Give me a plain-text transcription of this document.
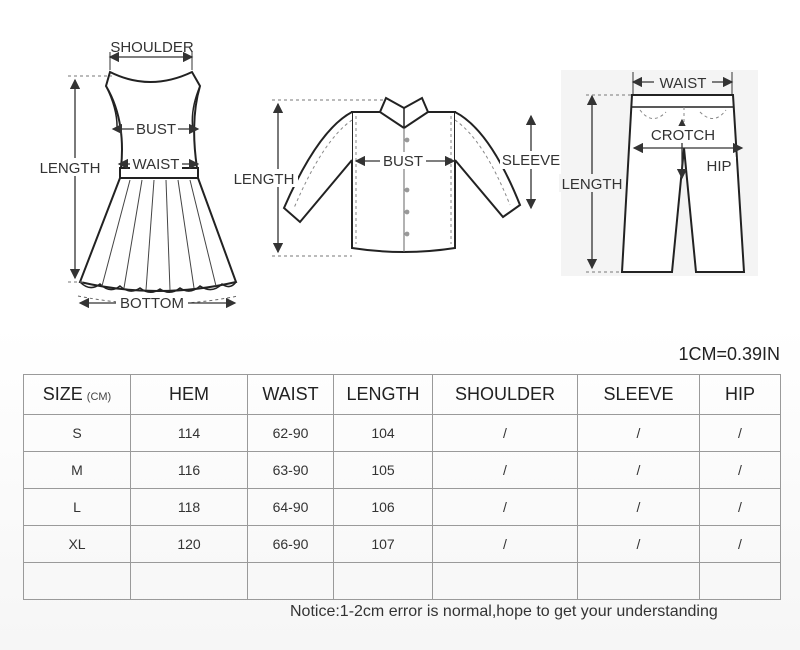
SHOULDER
BUST
WAIST
LENGTH
BOTTOM
LENGTH
BUST	SLEEVE
WAIST
CROTCH
HIP
LENGTH
1CM=0.39IN
SIZE (CM)	HEM	WAIST	LENGTH	SHOULDER	SLEEVE	HIP
S	114	62-90	104	/	/	/
M	116	63-90	105	/	/	/
L	118	64-90	106	/	/	/
XL	120	66-90	107	/	/	/

Notice:1-2cm error is normal,hope to get your understanding
